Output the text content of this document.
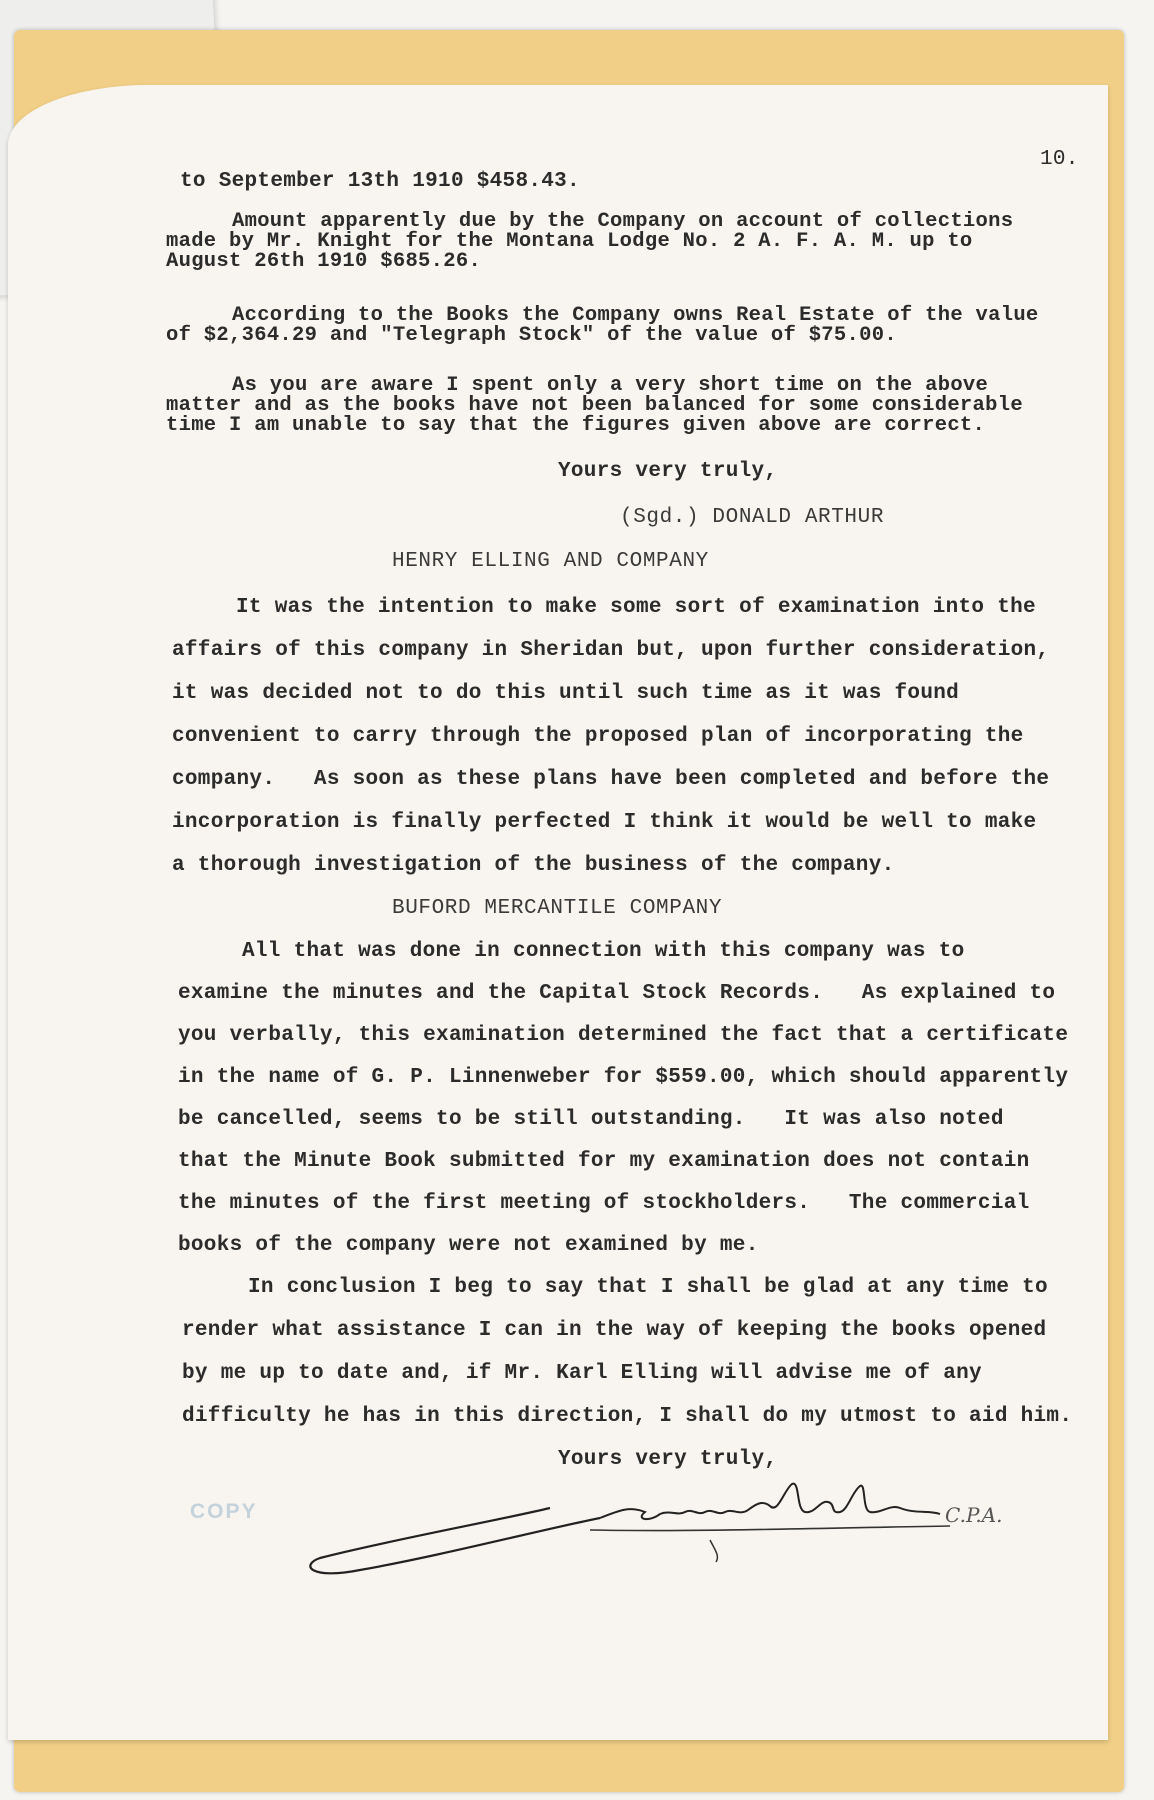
10.
to September 13th 1910 $458.43.
Amount apparently due by the Company on account of collections
made by Mr. Knight for the Montana Lodge No. 2 A. F. A. M. up to
August 26th 1910 $685.26.
According to the Books the Company owns Real Estate of the value
of $2,364.29 and "Telegraph Stock" of the value of $75.00.
As you are aware I spent only a very short time on the above
matter and as the books have not been balanced for some considerable
time I am unable to say that the figures given above are correct.
Yours very truly,
(Sgd.) DONALD ARTHUR
HENRY ELLING AND COMPANY
It was the intention to make some sort of examination into the
affairs of this company in Sheridan but, upon further consideration,
it was decided not to do this until such time as it was found
convenient to carry through the proposed plan of incorporating the
company.   As soon as these plans have been completed and before the
incorporation is finally perfected I think it would be well to make
a thorough investigation of the business of the company.
BUFORD MERCANTILE COMPANY
All that was done in connection with this company was to
examine the minutes and the Capital Stock Records.   As explained to
you verbally, this examination determined the fact that a certificate
in the name of G. P. Linnenweber for $559.00, which should apparently
be cancelled, seems to be still outstanding.   It was also noted
that the Minute Book submitted for my examination does not contain
the minutes of the first meeting of stockholders.   The commercial
books of the company were not examined by me.
In conclusion I beg to say that I shall be glad at any time to
render what assistance I can in the way of keeping the books opened
by me up to date and, if Mr. Karl Elling will advise me of any
difficulty he has in this direction, I shall do my utmost to aid him.
Yours very truly,
C.P.A.
COPY
